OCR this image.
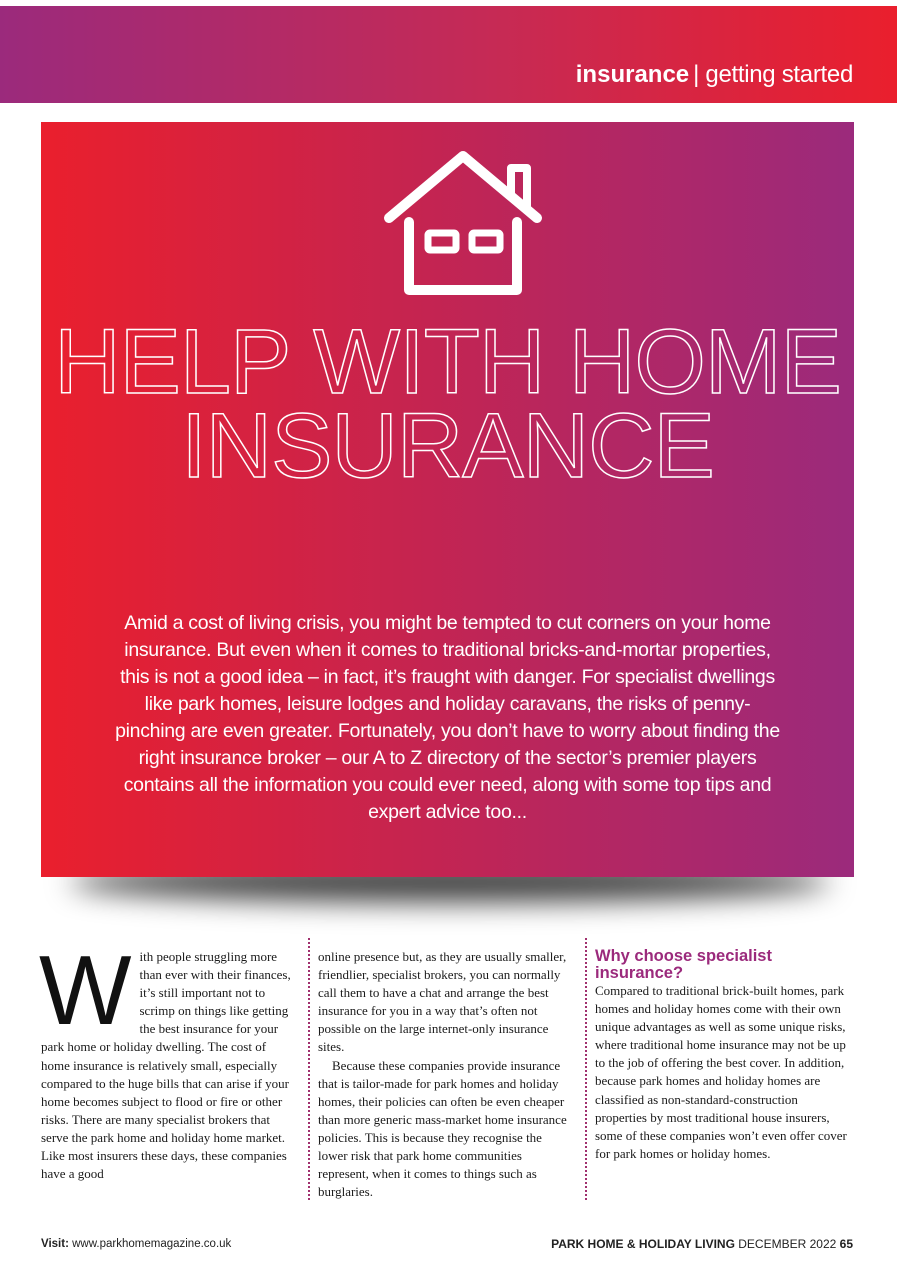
insurance | getting started
HELP WITH HOME INSURANCE

Amid a cost of living crisis, you might be tempted to cut corners on your home insurance. But even when it comes to traditional bricks-and-mortar properties, this is not a good idea – in fact, it’s fraught with danger. For specialist dwellings like park homes, leisure lodges and holiday caravans, the risks of penny-pinching are even greater. Fortunately, you don’t have to worry about finding the right insurance broker – our A to Z directory of the sector’s premier players contains all the information you could ever need, along with some top tips and expert advice too...

W ith people struggling more than ever with their finances, it’s still important not to scrimp on things like getting the best insurance for your park home or holiday dwelling. The cost of home insurance is relatively small, especially compared to the huge bills that can arise if your home becomes subject to flood or fire or other risks. There are many specialist brokers that serve the park home and holiday home market. Like most insurers these days, these companies have a good

online presence but, as they are usually smaller, friendlier, specialist brokers, you can normally call them to have a chat and arrange the best insurance for you in a way that’s often not possible on the large internet-only insurance sites.

Because these companies provide insurance that is tailor-made for park homes and holiday homes, their policies can often be even cheaper than more generic mass-market home insurance policies. This is because they recognise the lower risk that park home communities represent, when it comes to things such as burglaries.

Why choose specialist insurance?

Compared to traditional brick-built homes, park homes and holiday homes come with their own unique advantages as well as some unique risks, where traditional home insurance may not be up to the job of offering the best cover. In addition, because park homes and holiday homes are classified as non-standard-construction properties by most traditional house insurers, some of these companies won’t even offer cover for park homes or holiday homes.

Visit: www.parkhomemagazine.co.uk	PARK HOME & HOLIDAY LIVING DECEMBER 2022 65
